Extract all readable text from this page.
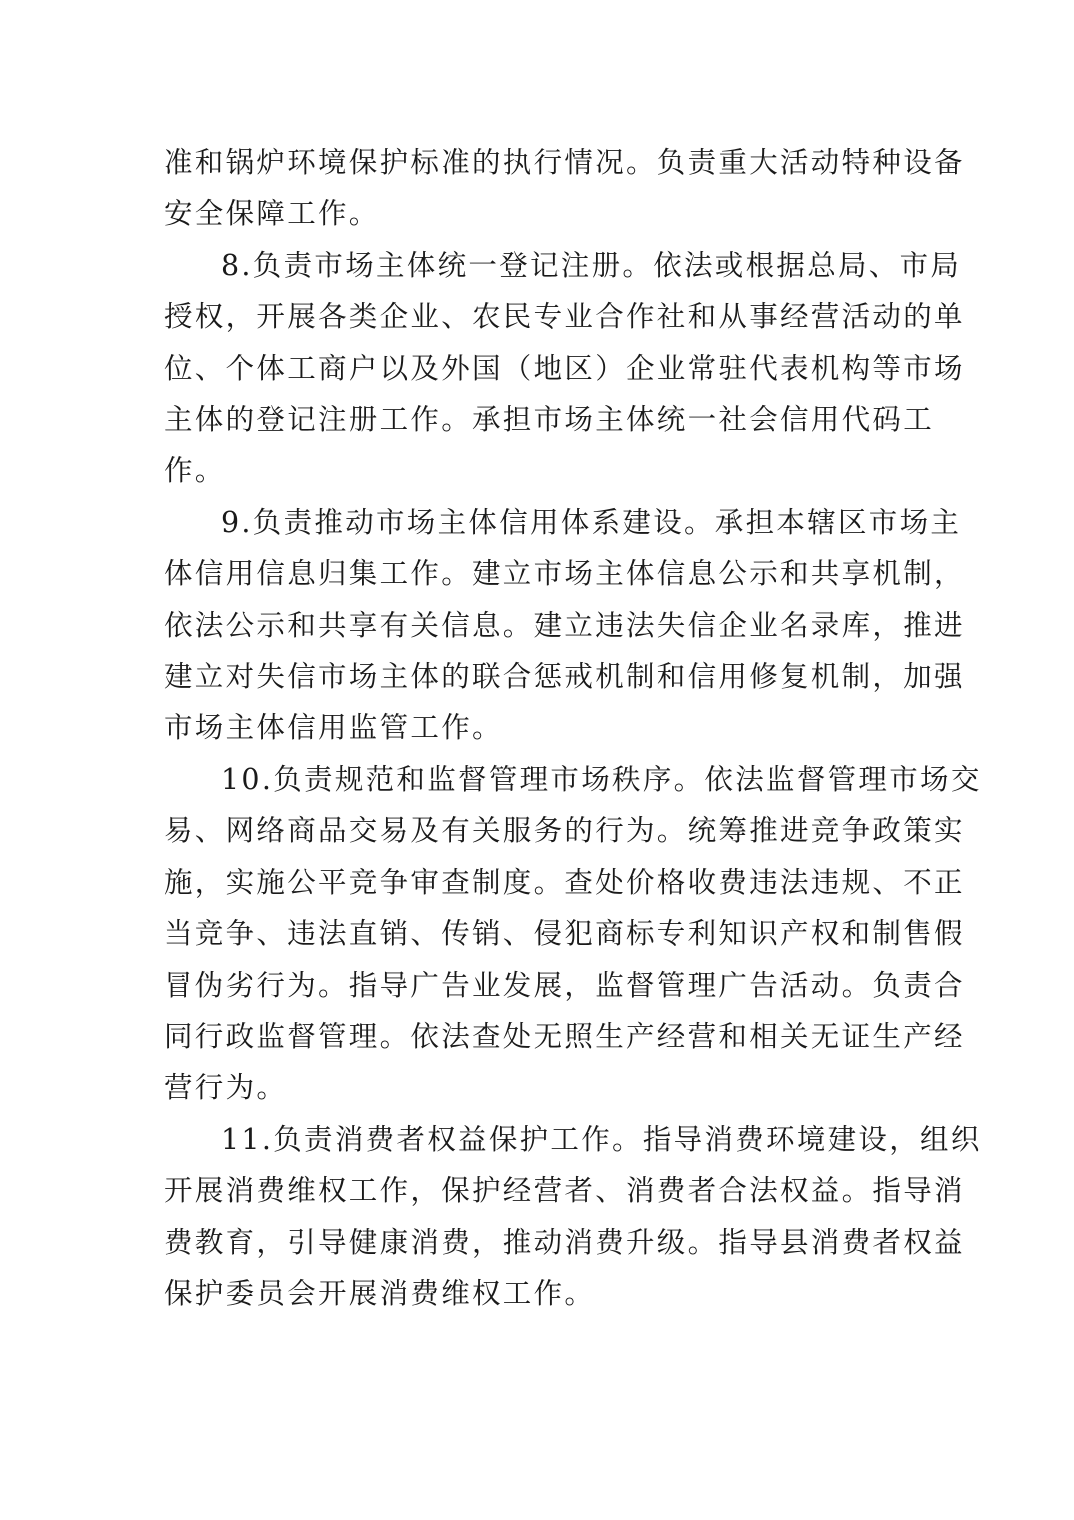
准和锅炉环境保护标准的执行情况。负责重大活动特种设备
安全保障工作。
8.负责市场主体统一登记注册。依法或根据总局、市局
授权，开展各类企业、农民专业合作社和从事经营活动的单
位、个体工商户以及外国（地区）企业常驻代表机构等市场
主体的登记注册工作。承担市场主体统一社会信用代码工
作。
9.负责推动市场主体信用体系建设。承担本辖区市场主
体信用信息归集工作。建立市场主体信息公示和共享机制，
依法公示和共享有关信息。建立违法失信企业名录库，推进
建立对失信市场主体的联合惩戒机制和信用修复机制，加强
市场主体信用监管工作。
10.负责规范和监督管理市场秩序。依法监督管理市场交
易、网络商品交易及有关服务的行为。统筹推进竞争政策实
施，实施公平竞争审查制度。查处价格收费违法违规、不正
当竞争、违法直销、传销、侵犯商标专利知识产权和制售假
冒伪劣行为。指导广告业发展，监督管理广告活动。负责合
同行政监督管理。依法查处无照生产经营和相关无证生产经
营行为。
11.负责消费者权益保护工作。指导消费环境建设，组织
开展消费维权工作，保护经营者、消费者合法权益。指导消
费教育，引导健康消费，推动消费升级。指导县消费者权益
保护委员会开展消费维权工作。
